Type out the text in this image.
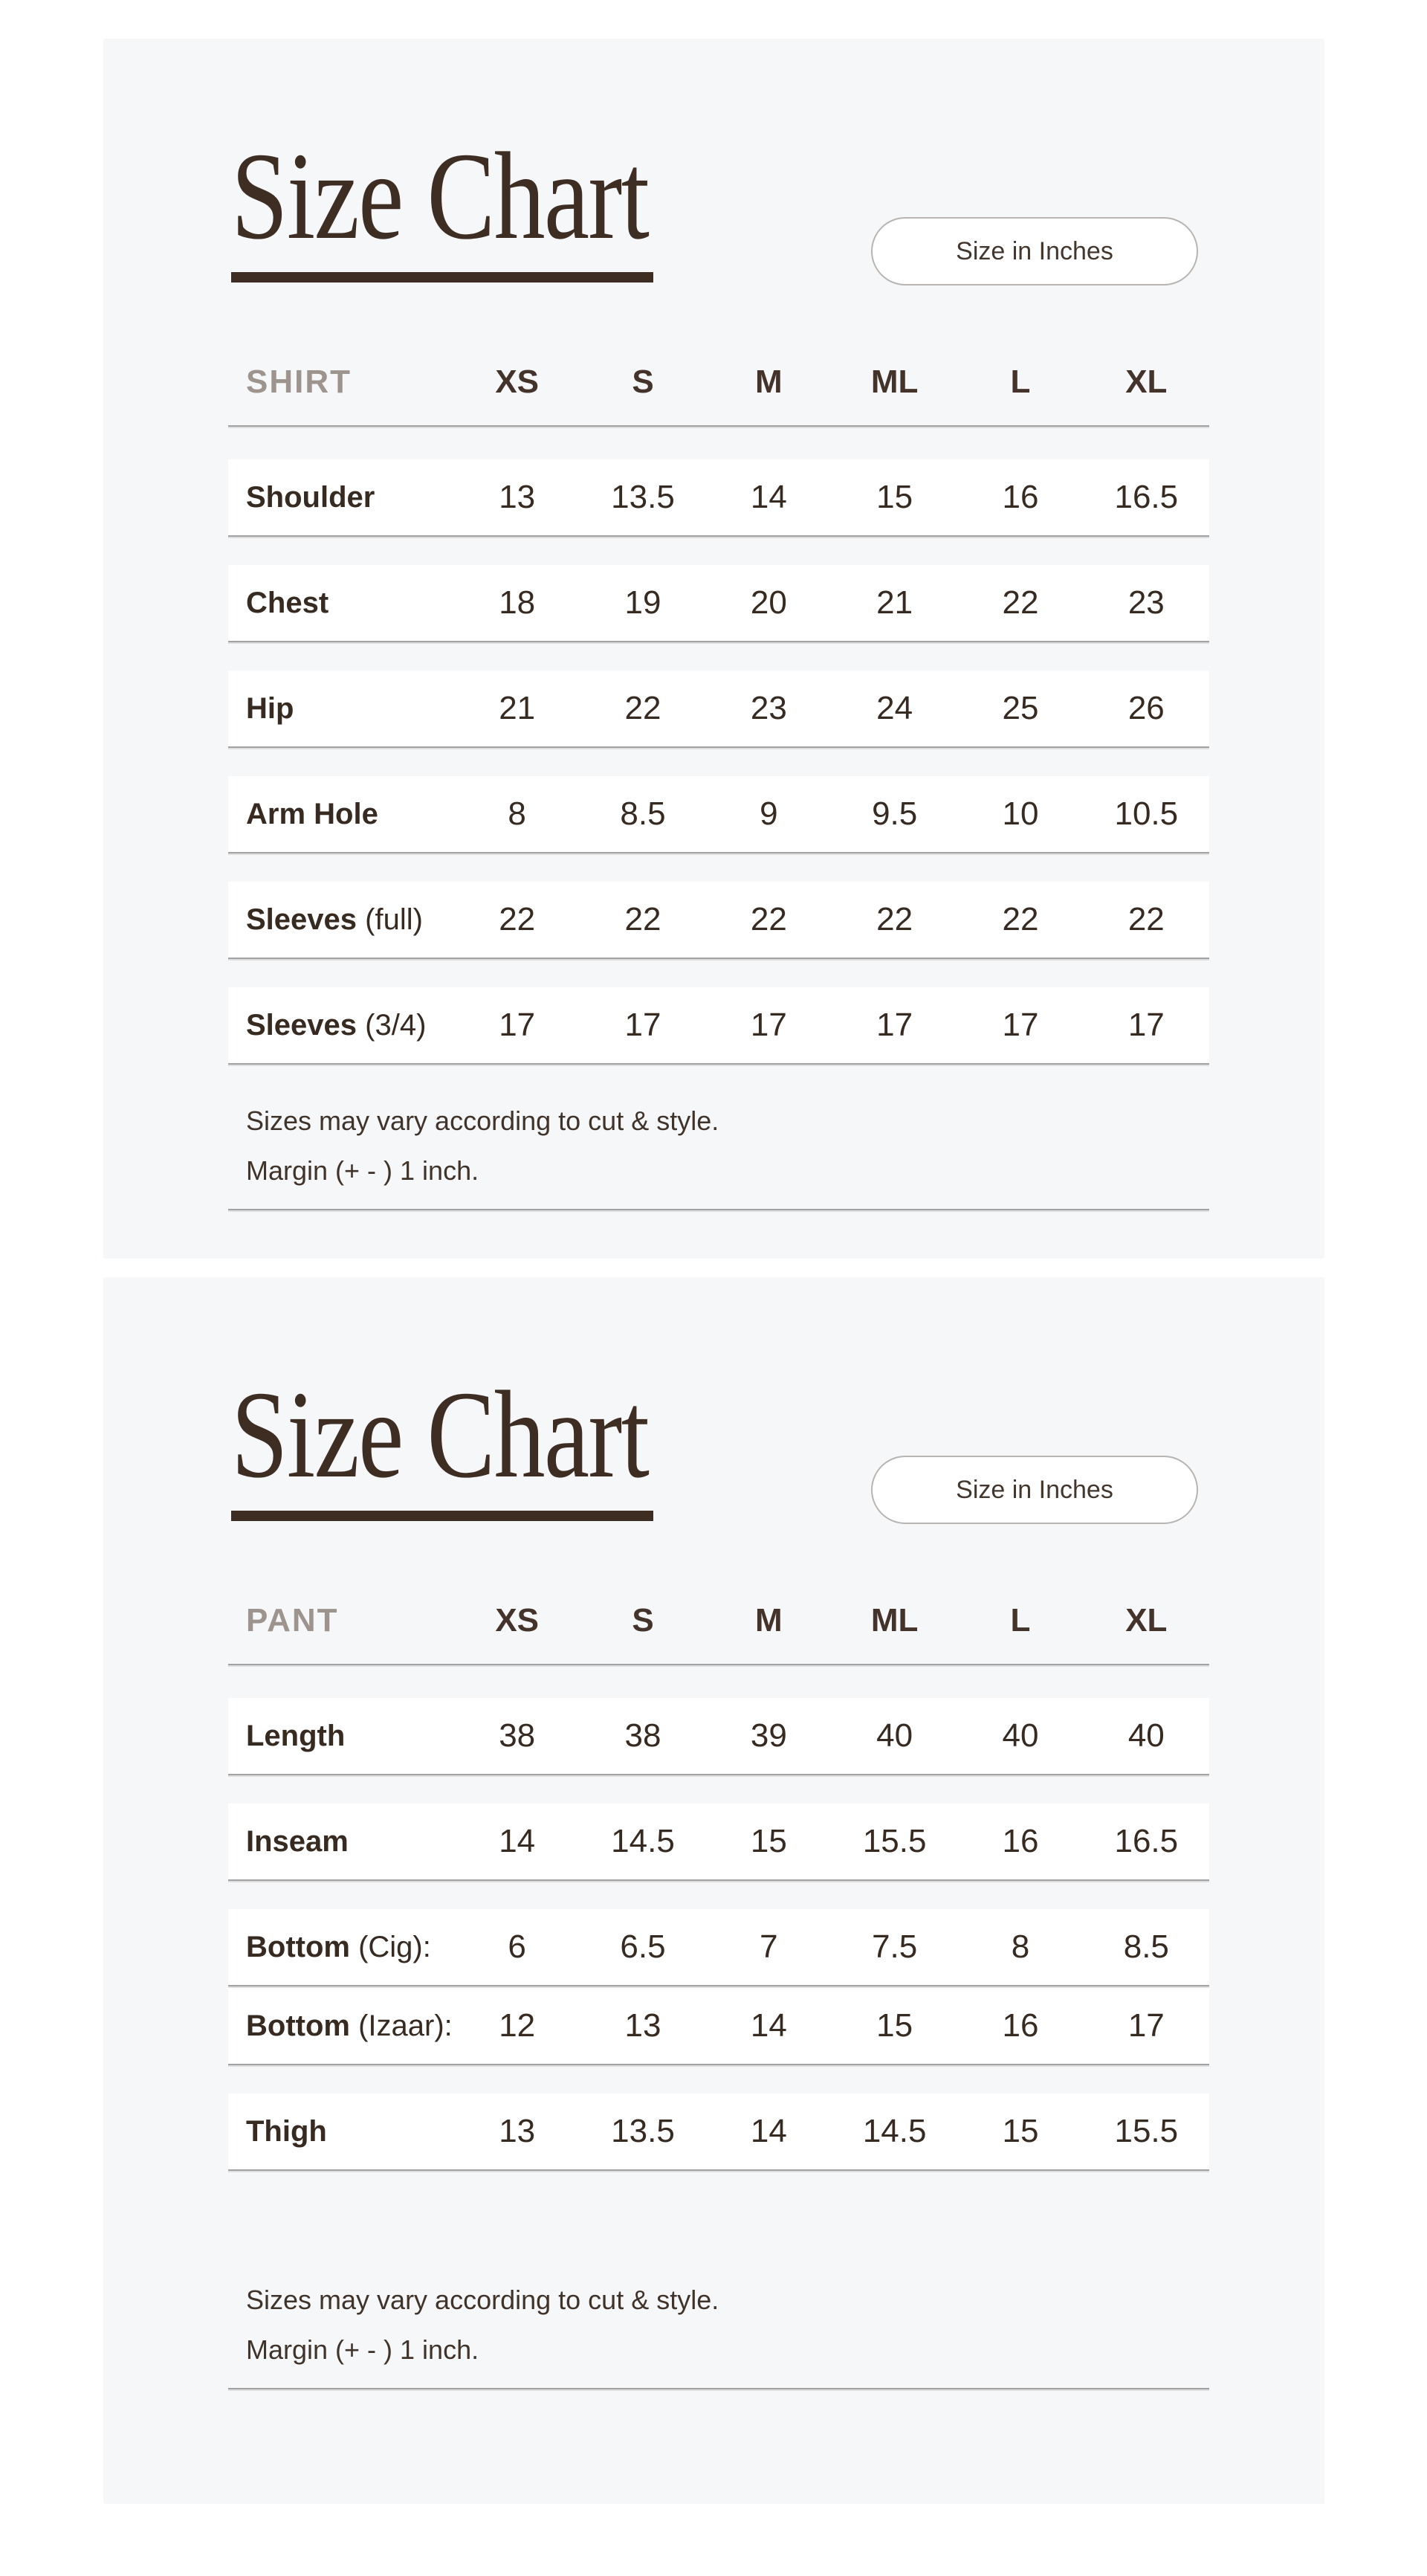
Size Chart	Size in Inches
SHIRT	XS	S	M	ML	L	XL
Shoulder	13	13.5	14	15	16	16.5
Chest	18	19	20	21	22	23
Hip	21	22	23	24	25	26
Arm Hole	8	8.5	9	9.5	10	10.5
Sleeves (full)	22	22	22	22	22	22
Sleeves (3/4)	17	17	17	17	17	17

Sizes may vary according to cut & style.

Margin (+ - ) 1 inch.

Size Chart	Size in Inches
PANT	XS	S	M	ML	L	XL
Length	38	38	39	40	40	40
Inseam	14	14.5	15	15.5	16	16.5
Bottom (Cig):	6	6.5	7	7.5	8	8.5
Bottom (Izaar):	12	13	14	15	16	17
Thigh	13	13.5	14	14.5	15	15.5

Sizes may vary according to cut & style.

Margin (+ - ) 1 inch.
